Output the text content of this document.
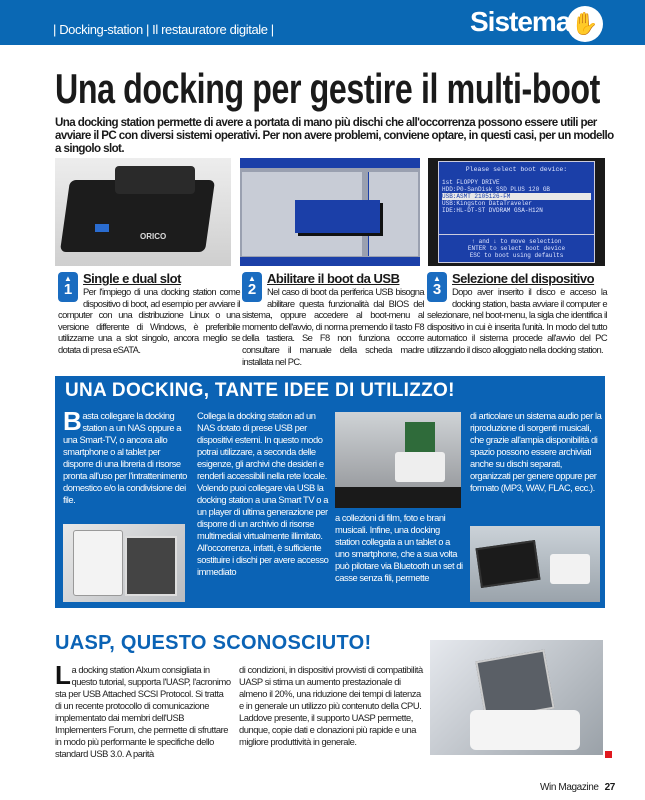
| Docking-station | Il restauratore digitale |	Sistema ✋
Una docking per gestire il multi-boot
Una docking station permette di avere a portata di mano più dischi che all'occorrenza possono essere utili per avviare il PC con diversi sistemi operativi. Per non avere problemi, conviene optare, in questi casi, per un modello a singolo slot.
ORICO
Please select boot device:
1st FLOPPY DRIVE
HDD:P0-SanDisk SSD PLUS 120 GB
USB:ASMT 2105126-FM
USB:Kingston DataTraveler
IDE:HL-DT-ST DVDRAM GSA-H12N
↑ and ↓ to move selection
ENTER to select boot device
ESC to boot using defaults
▲ 1
Single e dual slot

Per l'impiego di una docking station come dispositivo di boot, ad esempio per avviare il computer con una distribuzione Linux o una versione differente di Windows, è preferibile utilizzarne una a slot singolo, ancora meglio se dotata di presa eSATA.

▲ 2
Abilitare il boot da USB

Nel caso di boot da periferica USB bisogna abilitare questa funzionalità dal BIOS del sistema, oppure accedere al boot-menu al momento dell'avvio, di norma premendo il tasto F8 della tastiera. Se F8 non funziona occorre consultare il manuale della scheda madre installata nel PC.

▲ 3
Selezione del dispositivo

Dopo aver inserito il disco e acceso la docking station, basta avviare il computer e selezionare, nel boot-menu, la sigla che identifica il dispositivo in cui è inserita l'unità. In modo del tutto automatico il sistema procede all'avvio del PC utilizzando il disco alloggiato nella docking station.

UNA DOCKING, TANTE IDEE DI UTILIZZO!
Basta collegare la docking station a un NAS oppure a una Smart-TV, o ancora allo smartphone o al tablet per disporre di una libreria di risorse pronta all'uso per l'intrattenimento domestico e/o la condivisione dei file.
Collega la docking station ad un NAS dotato di prese USB per dispositivi esterni. In questo modo potrai utilizzare, a seconda delle esigenze, gli archivi che desideri e renderli accessibili nella rete locale. Volendo puoi collegare via USB la docking station a una Smart TV o a un player di ultima generazione per disporre di un archivio di risorse multimediali virtualmente illimitato. All'occorrenza, infatti, è sufficiente sostituire i dischi per avere accesso immediato
a collezioni di film, foto e brani musicali. Infine, una docking station collegata a un tablet o a uno smartphone, che a sua volta può pilotare via Bluetooth un set di casse senza fili, permette
di articolare un sistema audio per la riproduzione di sorgenti musicali, che grazie all'ampia disponibilità di spazio possono essere archiviati anche su dischi separati, organizzati per genere oppure per formato (MP3, WAV, FLAC, ecc.).
UASP, QUESTO SCONOSCIUTO!
La docking station Alxum consigliata in questo tutorial, supporta l'UASP, l'acronimo sta per USB Attached SCSI Protocol. Si tratta di un recente protocollo di comunicazione implementato dai membri dell'USB Implementers Forum, che permette di sfruttare in modo più performante le specifiche dello standard USB 3.0. A parità
di condizioni, in dispositivi provvisti di compatibilità UASP si stima un aumento prestazionale di almeno il 20%, una riduzione dei tempi di latenza e in generale un utilizzo più contenuto della CPU. Laddove presente, il supporto UASP permette, dunque, copie dati e clonazioni più rapide e una migliore produttività in generale.
Win Magazine 27
